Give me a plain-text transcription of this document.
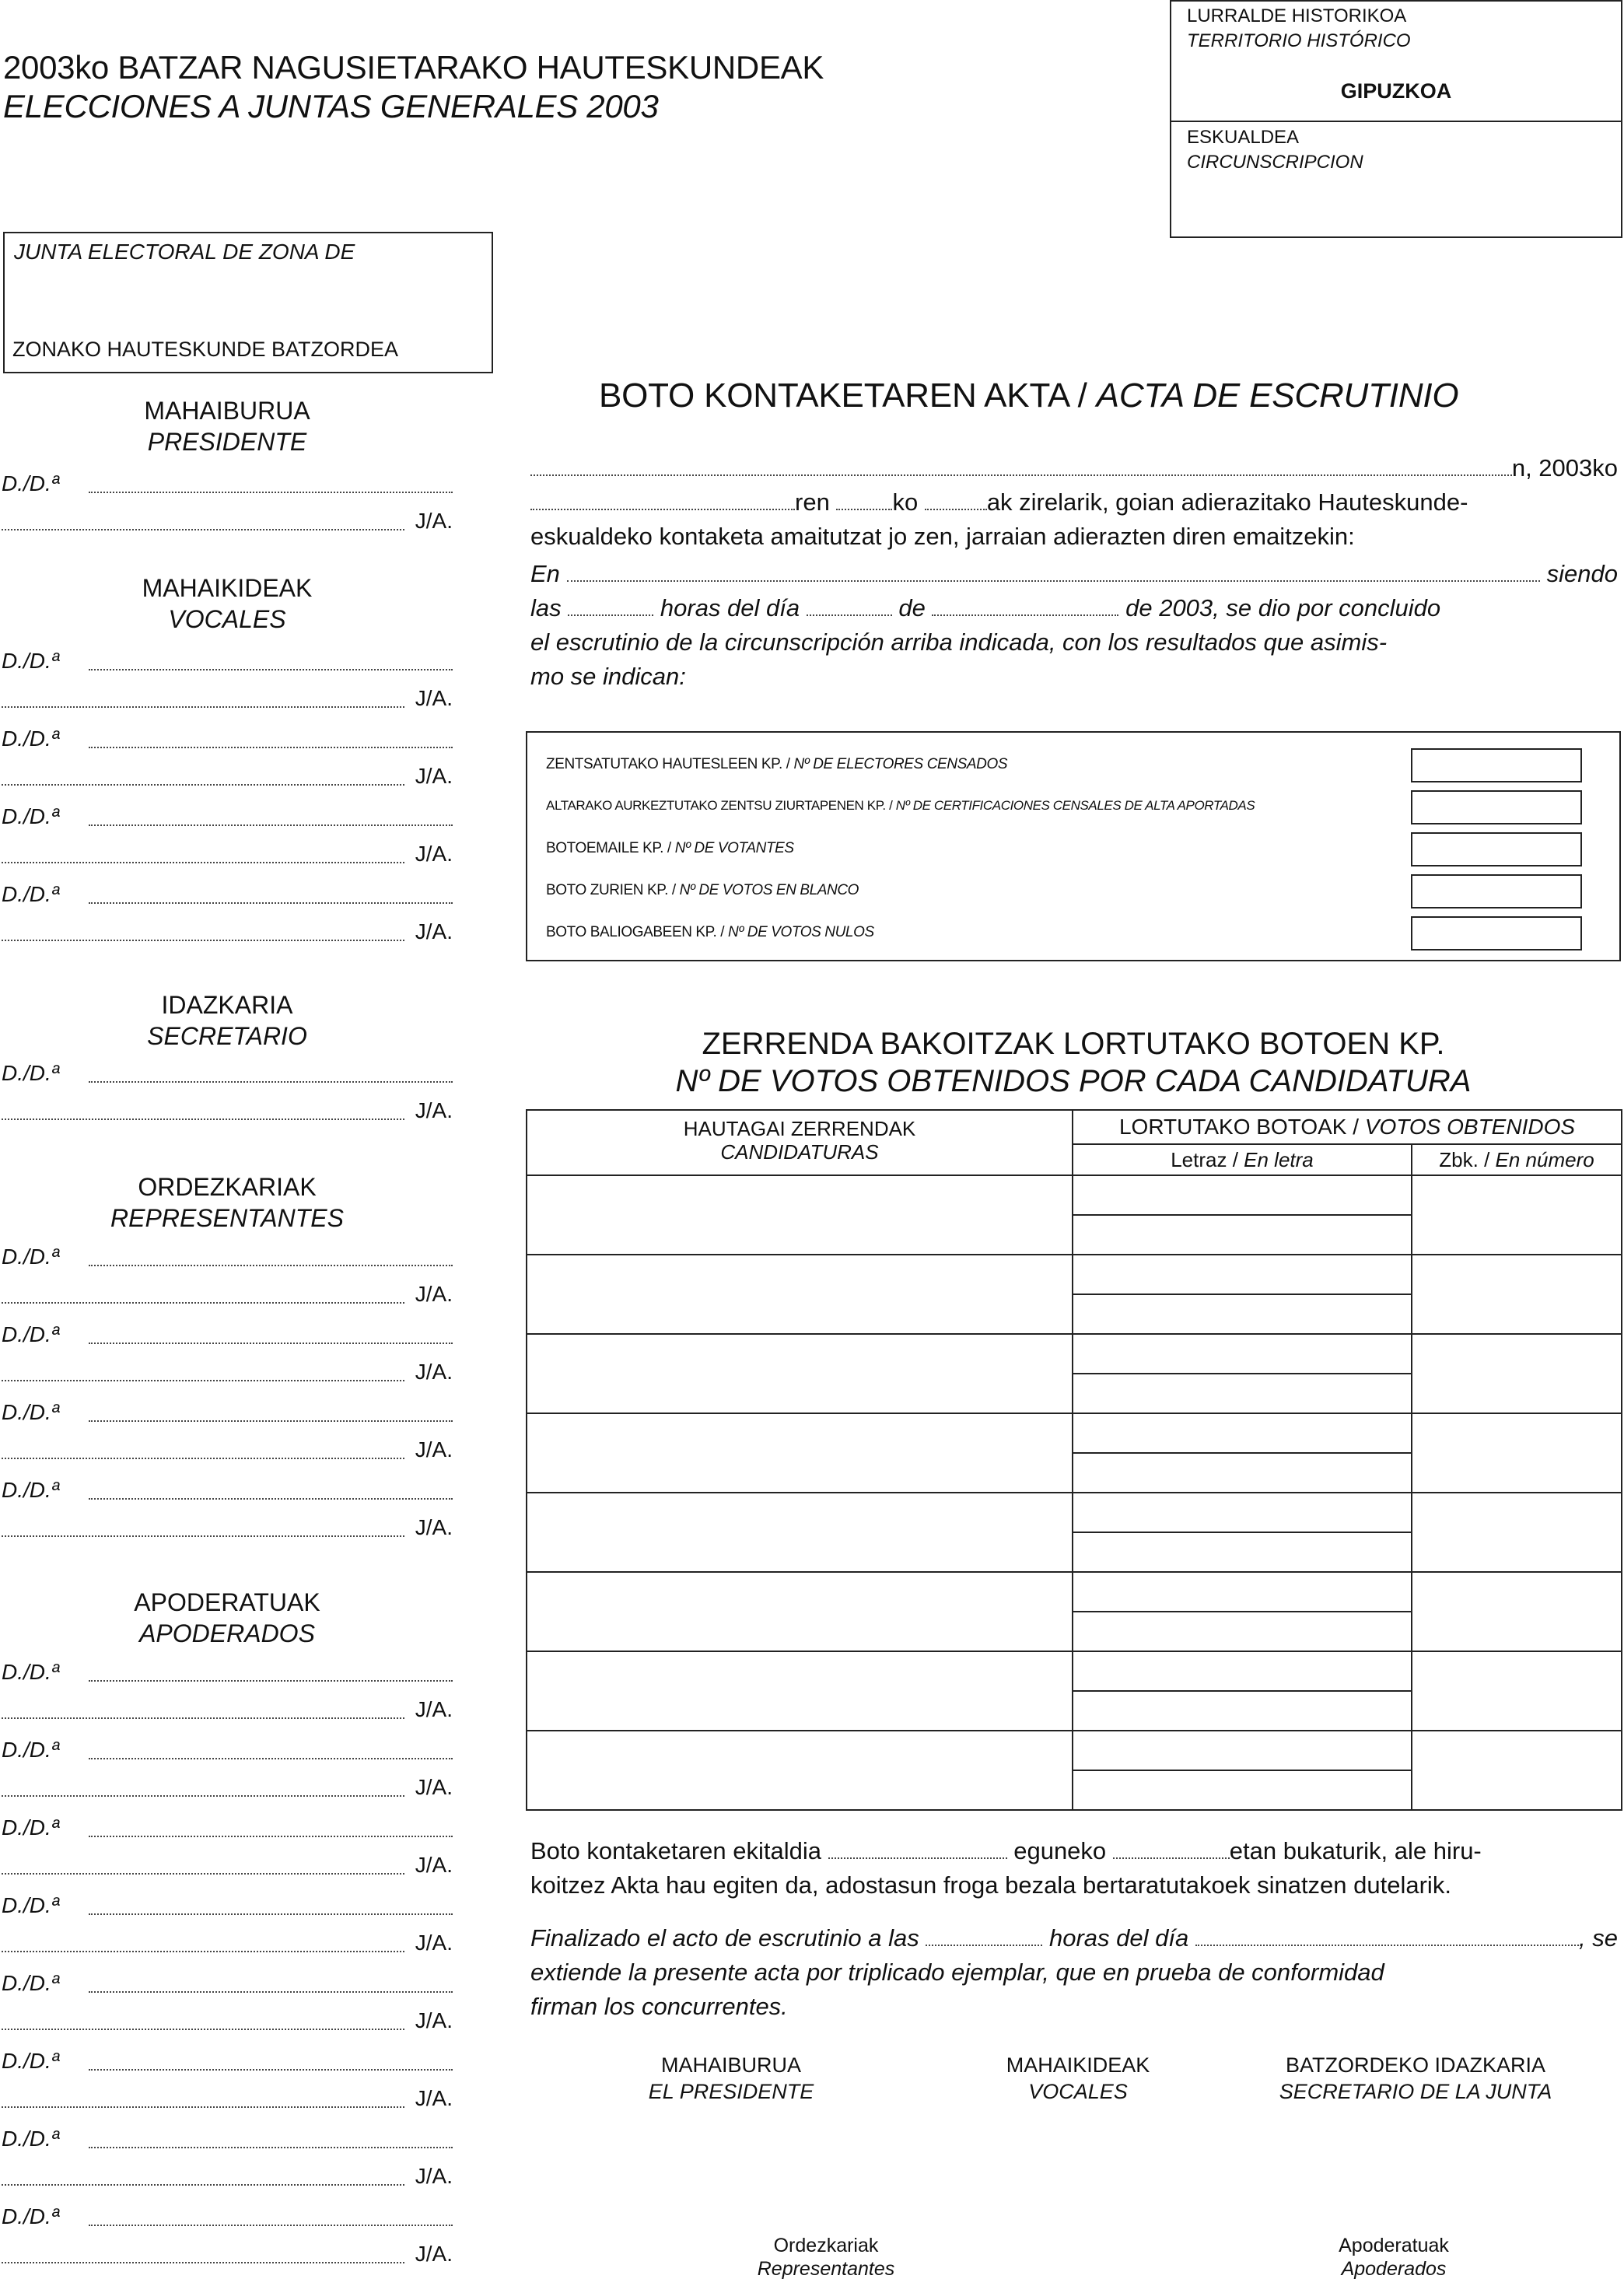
2003ko BATZAR NAGUSIETARAKO HAUTESKUNDEAK
ELECCIONES A JUNTAS GENERALES 2003
LURRALDE HISTORIKOA
TERRITORIO HISTÓRICO
GIPUZKOA
ESKUALDEA
CIRCUNSCRIPCION
JUNTA ELECTORAL DE ZONA DE
ZONAKO HAUTESKUNDE BATZORDEA
MAHAIBURUA
PRESIDENTE
D./D.ª
J/A.
MAHAIKIDEAK
VOCALES
D./D.ª
J/A.
D./D.ª
J/A.
D./D.ª
J/A.
D./D.ª
J/A.
IDAZKARIA
SECRETARIO
D./D.ª
J/A.
ORDEZKARIAK
REPRESENTANTES
D./D.ª
J/A.
D./D.ª
J/A.
D./D.ª
J/A.
D./D.ª
J/A.
APODERATUAK
APODERADOS
D./D.ª
J/A.
D./D.ª
J/A.
D./D.ª
J/A.
D./D.ª
J/A.
D./D.ª
J/A.
D./D.ª
J/A.
D./D.ª
J/A.
D./D.ª
J/A.
BOTO KONTAKETAREN AKTA / ACTA DE ESCRUTINIO
n, 2003ko
ren
	ko
	ak zirelarik, goian adierazitako Hauteskunde-
eskualdeko kontaketa amaitutzat jo zen, jarraian adierazten diren emaitzekin:
En

	siendo
las

	horas del día

	de

	de 2003, se dio por concluido
el escrutinio de la circunscripción arriba indicada, con los resultados que asimis-
mo se indican:
ZENTSATUTAKO HAUTESLEEN KP. / Nº DE ELECTORES CENSADOS
ALTARAKO AURKEZTUTAKO ZENTSU ZIURTAPENEN KP. / Nº DE CERTIFICACIONES CENSALES DE ALTA APORTADAS
BOTOEMAILE KP. / Nº DE VOTANTES
BOTO ZURIEN KP. / Nº DE VOTOS EN BLANCO
BOTO BALIOGABEEN KP. / Nº DE VOTOS NULOS
ZERRENDA BAKOITZAK LORTUTAKO BOTOEN KP.
Nº DE VOTOS OBTENIDOS POR CADA CANDIDATURA
HAUTAGAI ZERRENDAK
CANDIDATURAS	LORTUTAKO BOTOAK / VOTOS OBTENIDOS	
	Letraz / En letra	Zbk. / En número

Boto kontaketaren ekitaldia

	eguneko
	etan bukaturik, ale hiru-
koitzez Akta hau egiten da, adostasun froga bezala bertaratutakoek sinatzen dutelarik.
Finalizado el acto de escrutinio a las

	horas del día
	, se
extiende la presente acta por triplicado ejemplar, que en prueba de conformidad
firman los concurrentes.
MAHAIBURUA
EL PRESIDENTE
MAHAIKIDEAK
VOCALES
BATZORDEKO IDAZKARIA
SECRETARIO DE LA JUNTA
Ordezkariak
Representantes
Apoderatuak
Apoderados
